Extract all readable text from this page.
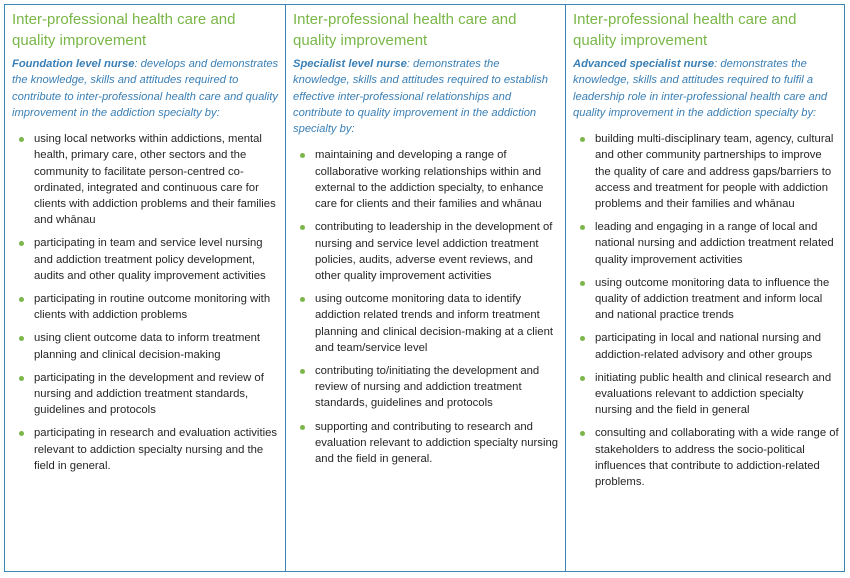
Inter-professional health care and quality improvement

Foundation level nurse: develops and demonstrates the knowledge, skills and attitudes required to contribute to inter-professional health care and quality improvement in the addiction specialty by:

using local networks within addictions, mental health, primary care, other sectors and the community to facilitate person-centred co-ordinated, integrated and continuous care for clients with addiction problems and their families and whānau
participating in team and service level nursing and addiction treatment policy development, audits and other quality improvement activities
participating in routine outcome monitoring with clients with addiction problems
using client outcome data to inform treatment planning and clinical decision-making
participating in the development and review of nursing and addiction treatment standards, guidelines and protocols
participating in research and evaluation activities relevant to addiction specialty nursing and the field in general.
Inter-professional health care and quality improvement

Specialist level nurse: demonstrates the knowledge, skills and attitudes required to establish effective inter-professional relationships and contribute to quality improvement in the addiction specialty by:

maintaining and developing a range of collaborative working relationships within and external to the addiction specialty, to enhance care for clients and their families and whānau
contributing to leadership in the development of nursing and service level addiction treatment policies, audits, adverse event reviews, and other quality improvement activities
using outcome monitoring data to identify addiction related trends and inform treatment planning and clinical decision-making at a client and team/service level
contributing to/initiating the development and review of nursing and addiction treatment standards, guidelines and protocols
supporting and contributing to research and evaluation relevant to addiction specialty nursing and the field in general.
Inter-professional health care and quality improvement

Advanced specialist nurse: demonstrates the knowledge, skills and attitudes required to fulfil a leadership role in inter-professional health care and quality improvement in the addiction specialty by:

building multi-disciplinary team, agency, cultural and other community partnerships to improve the quality of care and address gaps/barriers to access and treatment for people with addiction problems and their families and whānau
leading and engaging in a range of local and national nursing and addiction treatment related quality improvement activities
using outcome monitoring data to influence the quality of addiction treatment and inform local and national practice trends
participating in local and national nursing and addiction-related advisory and other groups
initiating public health and clinical research and evaluations relevant to addiction specialty nursing and the field in general
consulting and collaborating with a wide range of stakeholders to address the socio-political influences that contribute to addiction-related problems.
